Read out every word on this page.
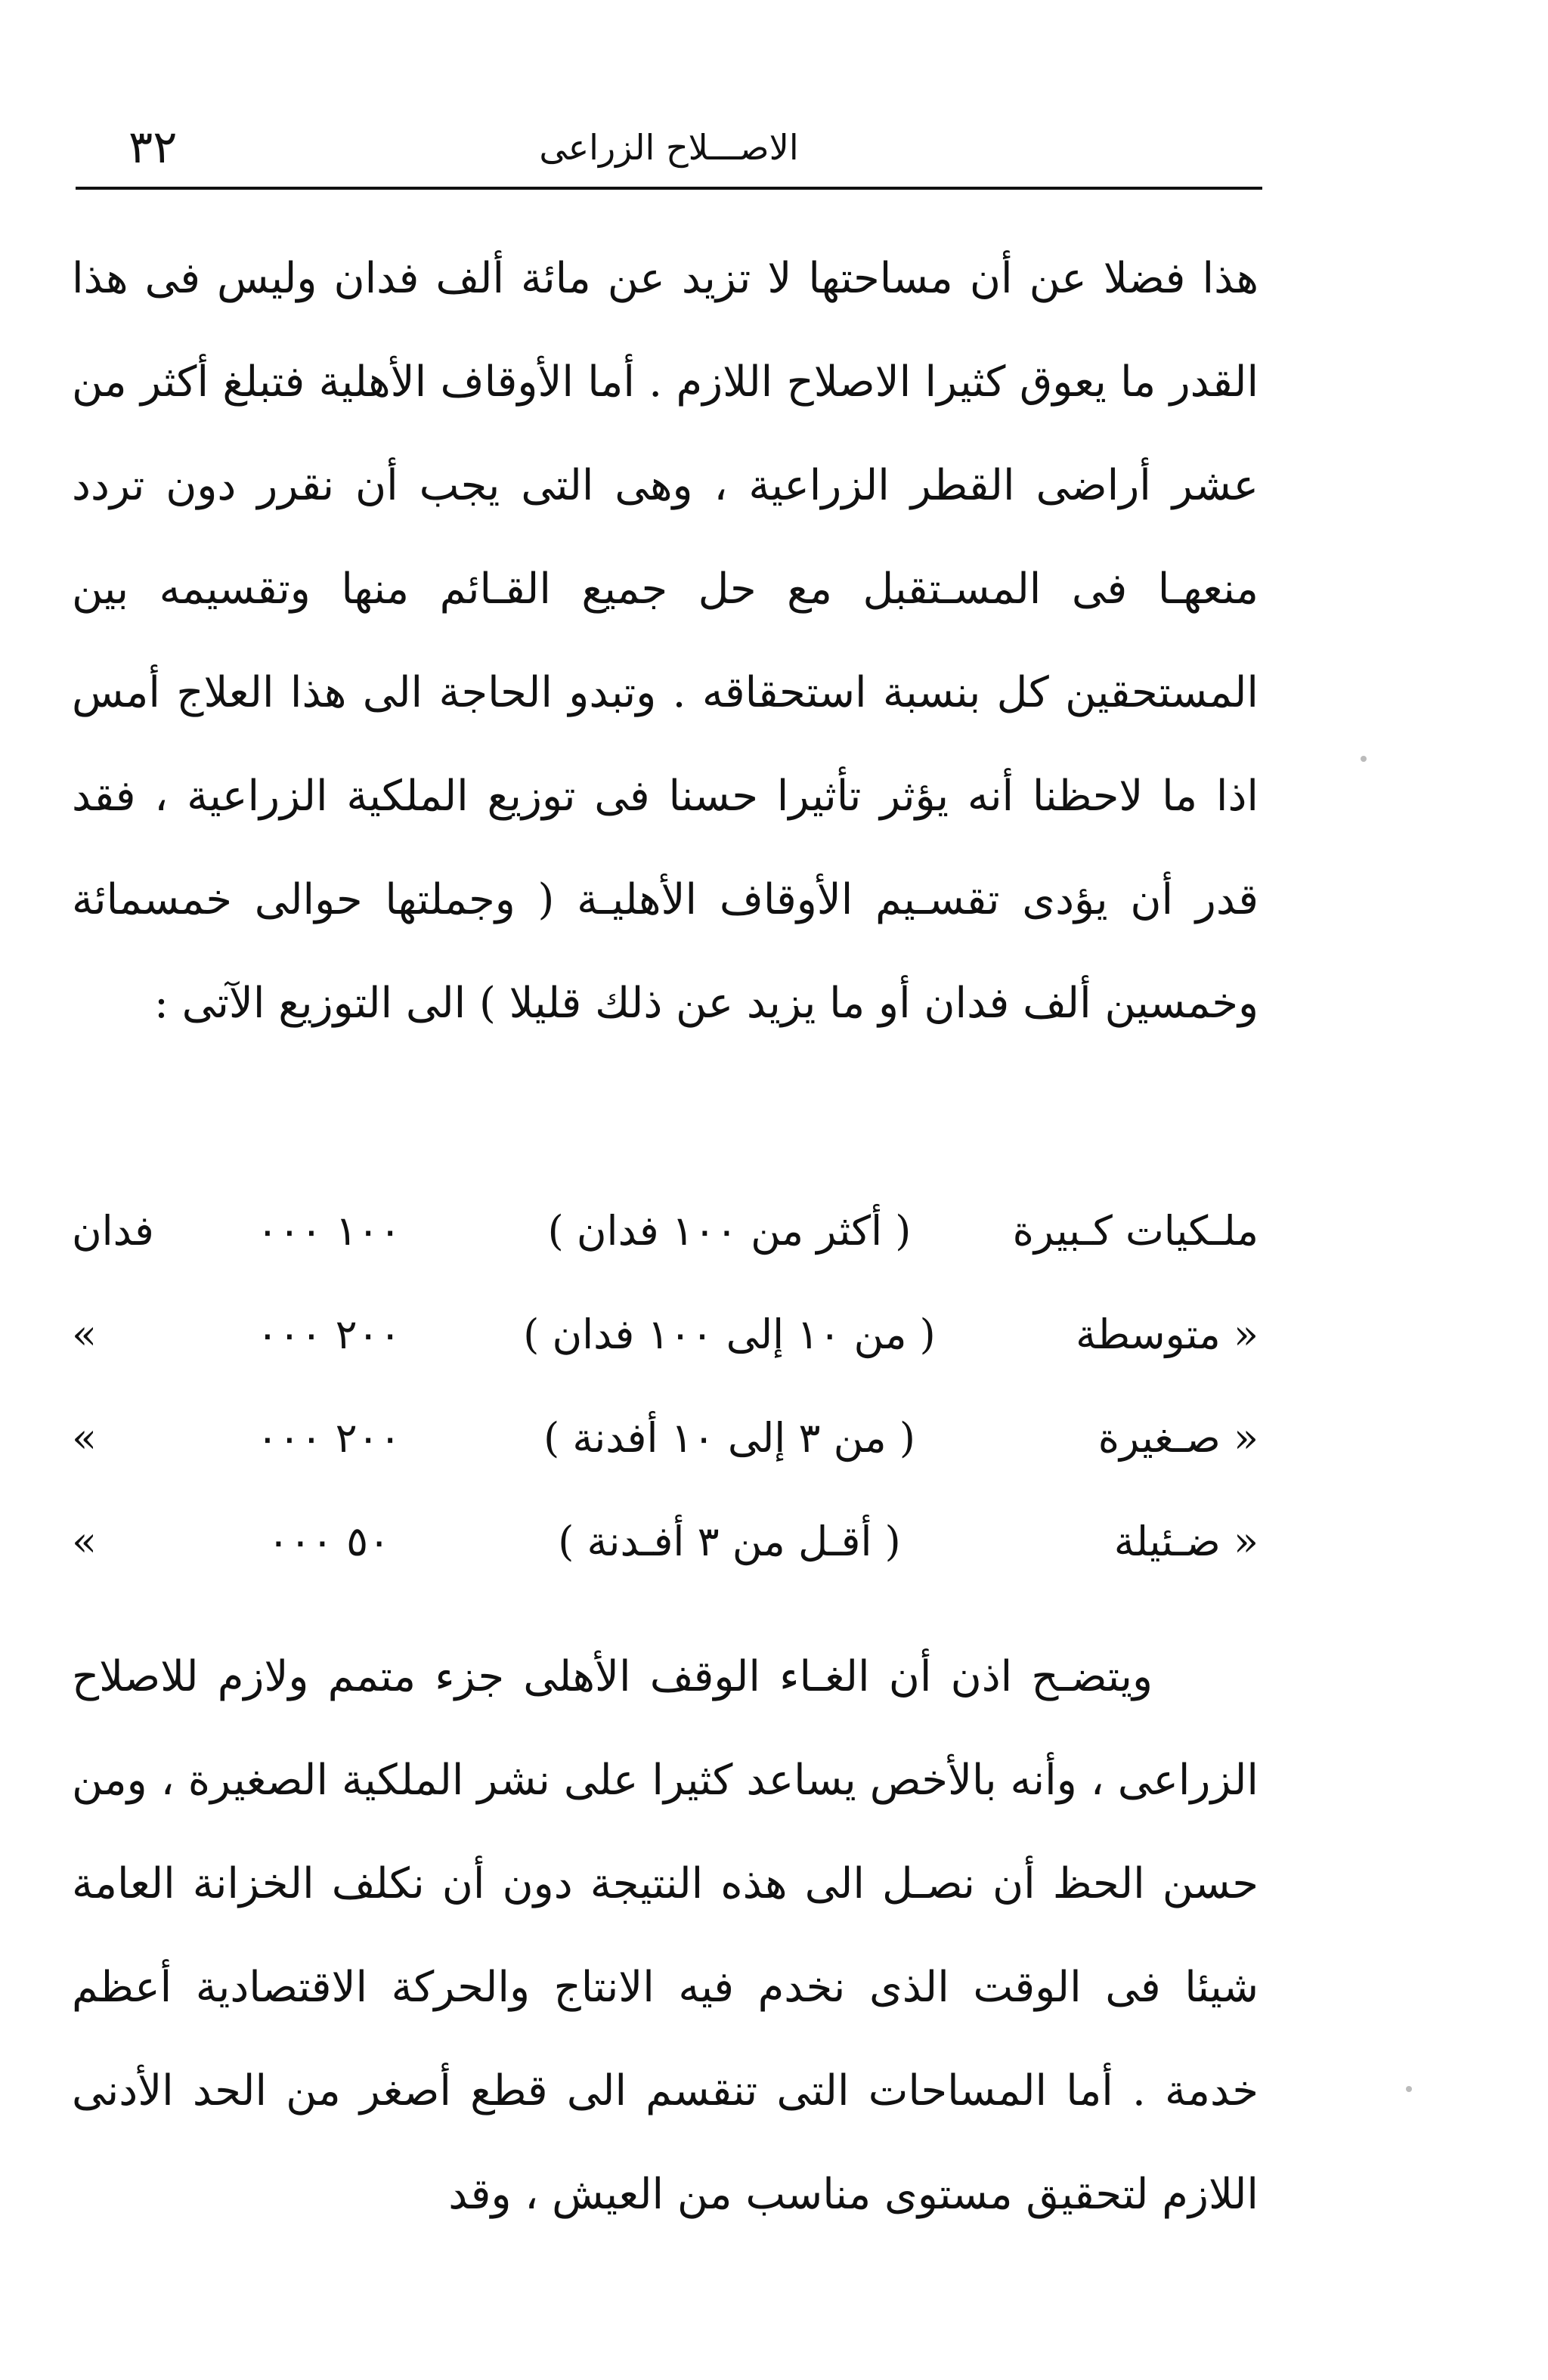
الاصـــلاح الزراعى
٣٢

هذا فضلا عن أن مساحتها لا تزيد عن مائة ألف فدان وليس فى هذا القدر ما يعوق كثيرا الاصلاح اللازم . أما الأوقاف الأهلية فتبلغ أكثر من عشر أراضى القطر الزراعية ، وهى التى يجب أن نقرر دون تردد منعهـا فى المسـتقبل مع حل جميع القـائم منها وتقسيمه بين المستحقين كل بنسبة استحقاقه . وتبدو الحاجة الى هذا العلاج أمس اذا ما لاحظنا أنه يؤثر تأثيرا حسنا فى توزيع الملكية الزراعية ، فقد قدر أن يؤدى تقسـيم الأوقاف الأهليـة ( وجملتها حوالى خمسمائة وخمسين ألف فدان أو ما يزيد عن ذلك قليلا ) الى التوزيع الآتى :

ملـكيات كـبيرة
( أكثر من ١٠٠ فدان )
١٠٠ ٠٠٠
فدان
« متوسطة
( من ١٠ إلى ١٠٠ فدان )
٢٠٠ ٠٠٠
»
« صـغيرة
( من ٣ إلى ١٠ أفدنة )
٢٠٠ ٠٠٠
»
« ضـئيلة
( أقـل من ٣ أفـدنة )
٥٠ ٠٠٠
»

ويتضـح اذن أن الغـاء الوقف الأهلى جزء متمم ولازم للاصلاح الزراعى ، وأنه بالأخص يساعد كثيرا على نشر الملكية الصغيرة ، ومن حسن الحظ أن نصـل الى هذه النتيجة دون أن نكلف الخزانة العامة شيئا فى الوقت الذى نخدم فيه الانتاج والحركة الاقتصادية أعظم خدمة . أما المساحات التى تنقسم الى قطع أصغر من الحد الأدنى اللازم لتحقيق مستوى مناسب من العيش ، وقد
